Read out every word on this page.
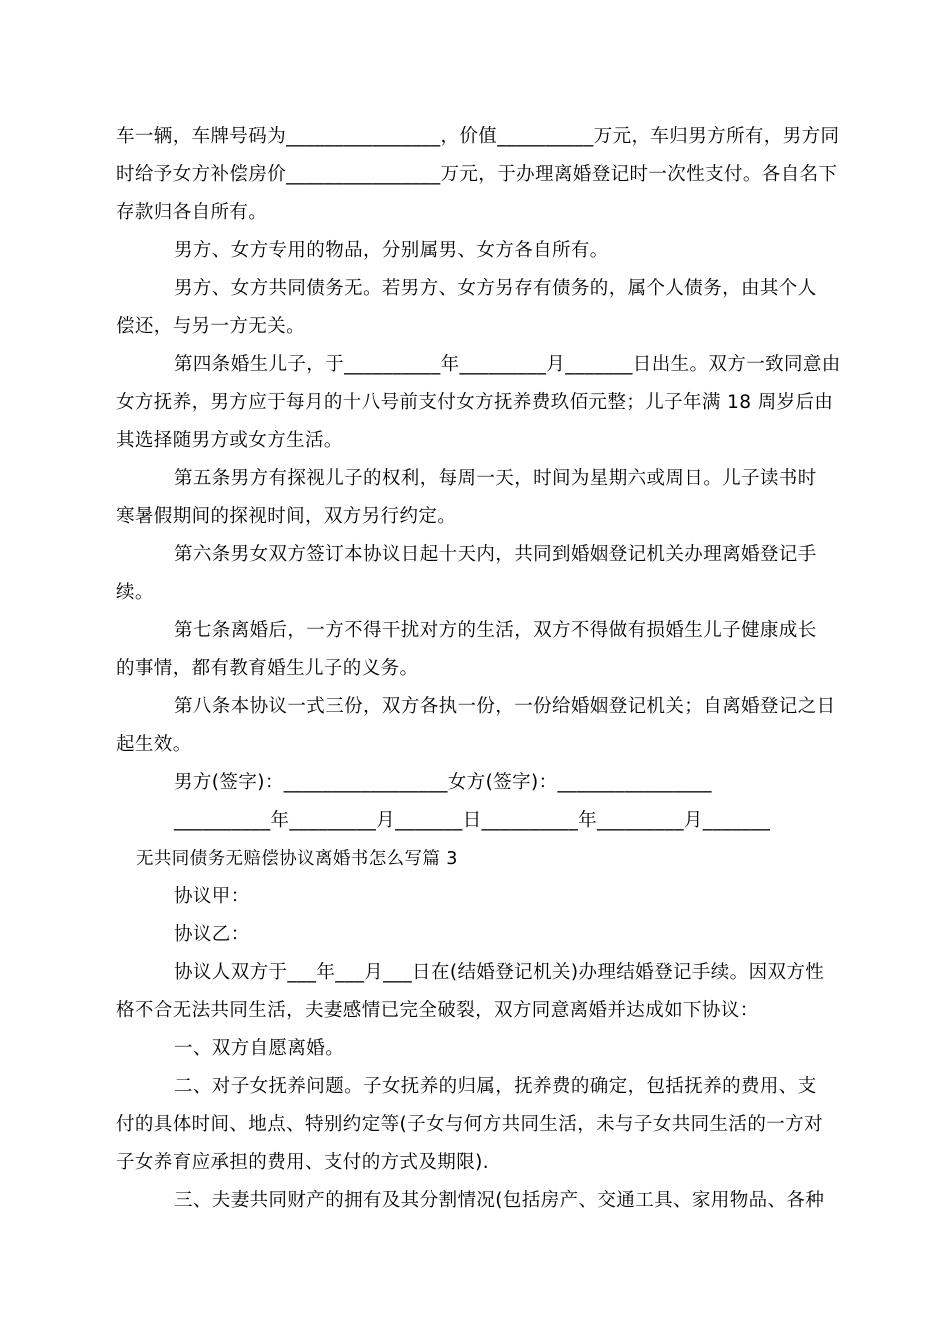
车一辆，车牌号码为________________，价值__________万元，车归男方所有，男方同
时给予女方补偿房价________________万元，于办理离婚登记时一次性支付。各自名下
存款归各自所有。
男方、女方专用的物品，分别属男、女方各自所有。
男方、女方共同债务无。若男方、女方另存有债务的，属个人债务，由其个人
偿还，与另一方无关。
第四条婚生儿子，于__________年_________月_______日出生。双方一致同意由
女方抚养，男方应于每月的十八号前支付女方抚养费玖佰元整；儿子年满 18 周岁后由
其选择随男方或女方生活。
第五条男方有探视儿子的权利，每周一天，时间为星期六或周日。儿子读书时
寒暑假期间的探视时间，双方另行约定。
第六条男女双方签订本协议日起十天内，共同到婚姻登记机关办理离婚登记手
续。
第七条离婚后，一方不得干扰对方的生活，双方不得做有损婚生儿子健康成长
的事情，都有教育婚生儿子的义务。
第八条本协议一式三份，双方各执一份，一份给婚姻登记机关；自离婚登记之日
起生效。
男方(签字)：_________________女方(签字)：________________
__________年_________月_______日__________年_________月_______
无共同债务无赔偿协议离婚书怎么写篇 3
协议甲：
协议乙：
协议人双方于___年___月___日在(结婚登记机关)办理结婚登记手续。因双方性
格不合无法共同生活，夫妻感情已完全破裂，双方同意离婚并达成如下协议：
一、双方自愿离婚。
二、对子女抚养问题。子女抚养的归属，抚养费的确定，包括抚养的费用、支
付的具体时间、地点、特别约定等(子女与何方共同生活，未与子女共同生活的一方对
子女养育应承担的费用、支付的方式及期限).
三、夫妻共同财产的拥有及其分割情况(包括房产、交通工具、家用物品、各种
